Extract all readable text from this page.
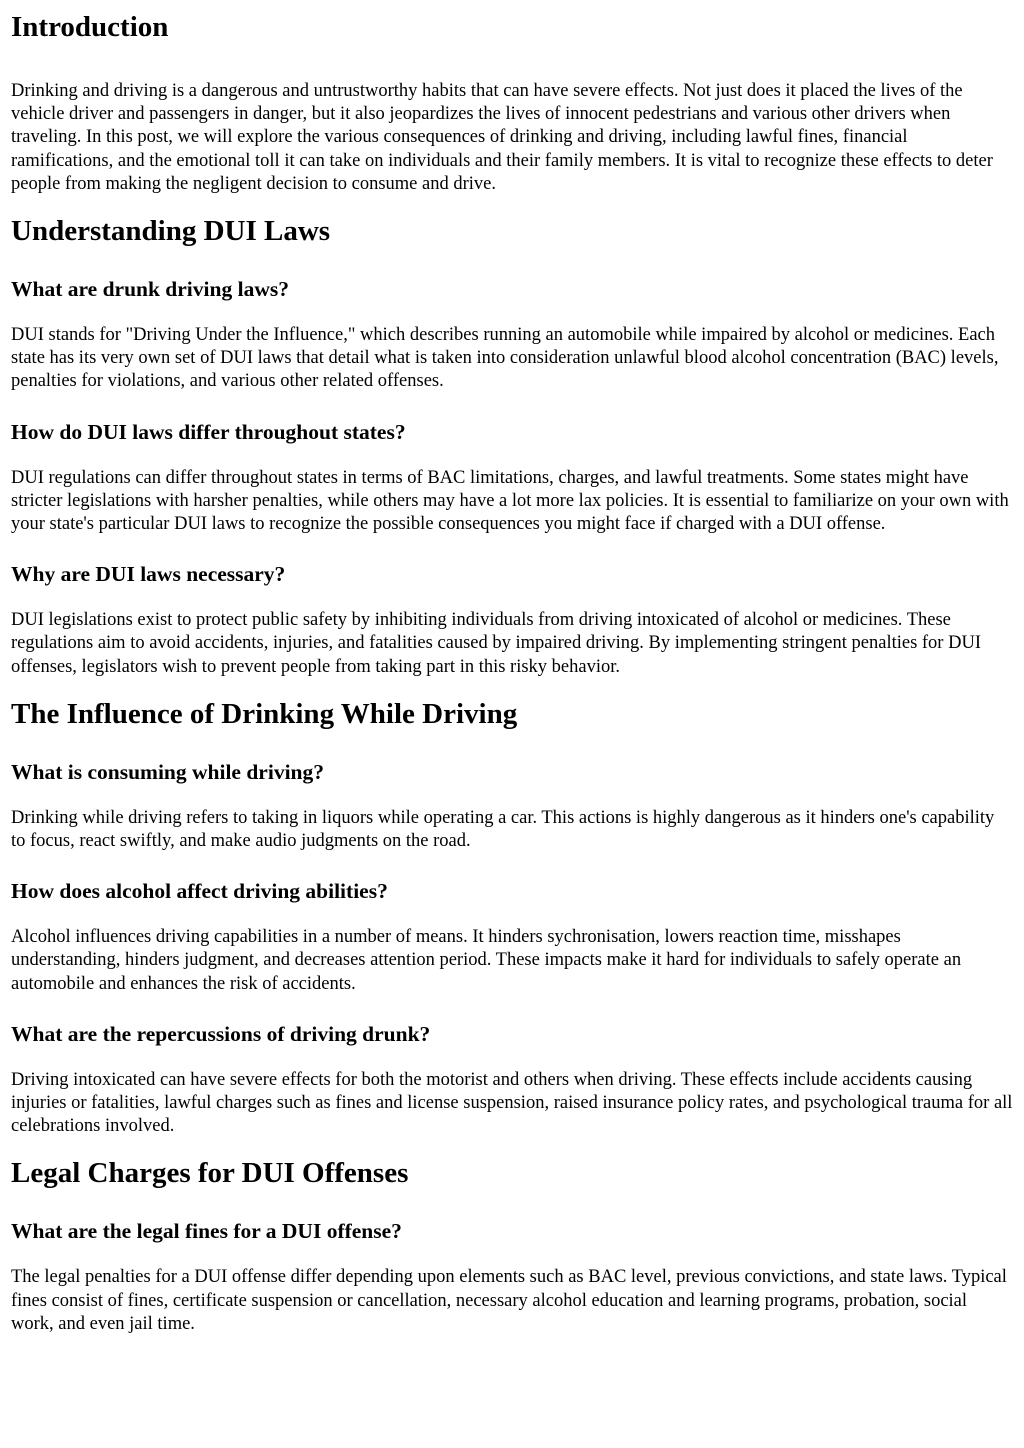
Introduction

Drinking and driving is a dangerous and untrustworthy habits that can have severe effects. Not just does it placed the lives of the vehicle driver and passengers in danger, but it also jeopardizes the lives of innocent pedestrians and various other drivers when traveling. In this post, we will explore the various consequences of drinking and driving, including lawful fines, financial ramifications, and the emotional toll it can take on individuals and their family members. It is vital to recognize these effects to deter people from making the negligent decision to consume and drive.

Understanding DUI Laws
What are drunk driving laws?

DUI stands for "Driving Under the Influence," which describes running an automobile while impaired by alcohol or medicines. Each state has its very own set of DUI laws that detail what is taken into consideration unlawful blood alcohol concentration (BAC) levels, penalties for violations, and various other related offenses.

How do DUI laws differ throughout states?

DUI regulations can differ throughout states in terms of BAC limitations, charges, and lawful treatments. Some states might have stricter legislations with harsher penalties, while others may have a lot more lax policies. It is essential to familiarize on your own with your state's particular DUI laws to recognize the possible consequences you might face if charged with a DUI offense.

Why are DUI laws necessary?

DUI legislations exist to protect public safety by inhibiting individuals from driving intoxicated of alcohol or medicines. These regulations aim to avoid accidents, injuries, and fatalities caused by impaired driving. By implementing stringent penalties for DUI offenses, legislators wish to prevent people from taking part in this risky behavior.

The Influence of Drinking While Driving
What is consuming while driving?

Drinking while driving refers to taking in liquors while operating a car. This actions is highly dangerous as it hinders one's capability to focus, react swiftly, and make audio judgments on the road.

How does alcohol affect driving abilities?

Alcohol influences driving capabilities in a number of means. It hinders sychronisation, lowers reaction time, misshapes understanding, hinders judgment, and decreases attention period. These impacts make it hard for individuals to safely operate an automobile and enhances the risk of accidents.

What are the repercussions of driving drunk?

Driving intoxicated can have severe effects for both the motorist and others when driving. These effects include accidents causing injuries or fatalities, lawful charges such as fines and license suspension, raised insurance policy rates, and psychological trauma for all celebrations involved.

Legal Charges for DUI Offenses
What are the legal fines for a DUI offense?

The legal penalties for a DUI offense differ depending upon elements such as BAC level, previous convictions, and state laws. Typical fines consist of fines, certificate suspension or cancellation, necessary alcohol education and learning programs, probation, social work, and even jail time.
